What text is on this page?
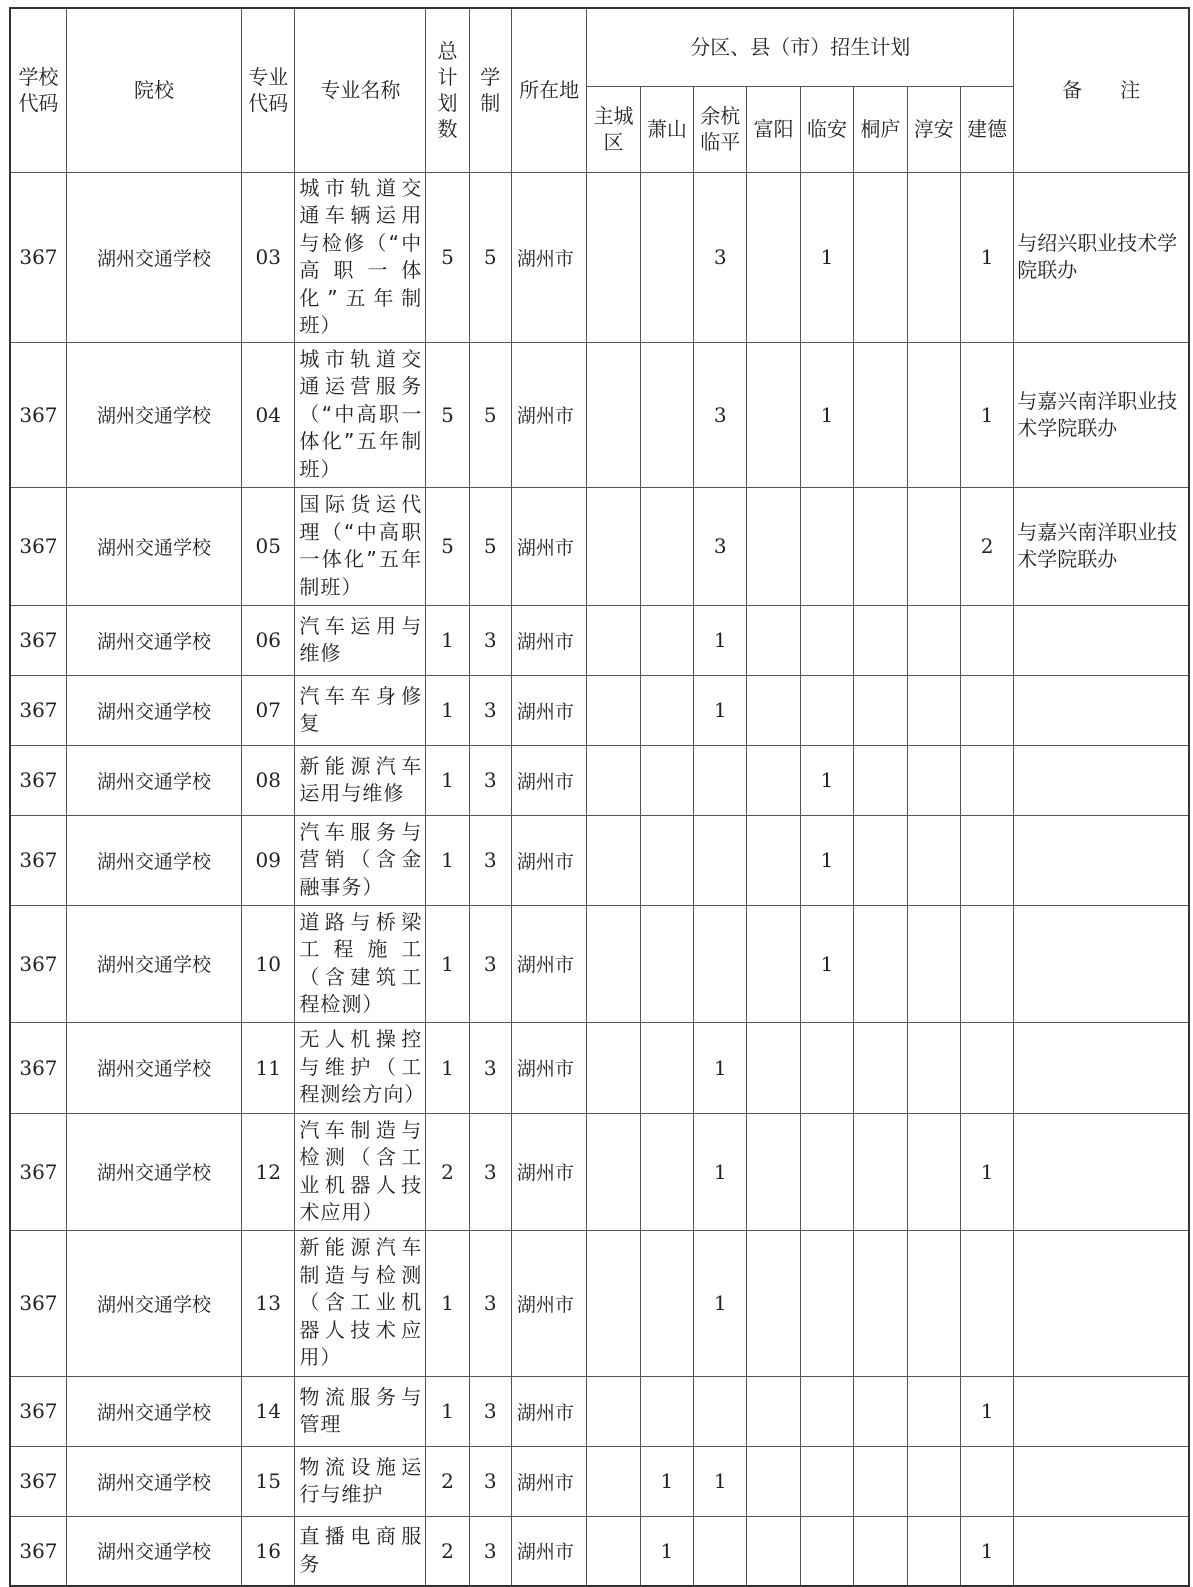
学校代码	院校	专业代码	专业名称	总计划数	学制	所在地	分区、县（市）招生计划								备注
							主城区	萧山	余杭临平	富阳	临安	桐庐	淳安	建德	
367	湖州交通学校	03	城市轨道交通车辆运用与检修（“中高职一体化”五年制班）	5	5	湖州市			3		1			1	与绍兴职业技术学院联办
367	湖州交通学校	04	城市轨道交通运营服务（“中高职一体化”五年制班）	5	5	湖州市			3		1			1	与嘉兴南洋职业技术学院联办
367	湖州交通学校	05	国际货运代理（“中高职一体化”五年制班）	5	5	湖州市			3					2	与嘉兴南洋职业技术学院联办
367	湖州交通学校	06	汽车运用与维修	1	3	湖州市			1						
367	湖州交通学校	07	汽车车身修复	1	3	湖州市			1						
367	湖州交通学校	08	新能源汽车运用与维修	1	3	湖州市					1				
367	湖州交通学校	09	汽车服务与营销（含金融事务）	1	3	湖州市					1				
367	湖州交通学校	10	道路与桥梁工程施工（含建筑工程检测）	1	3	湖州市					1				
367	湖州交通学校	11	无人机操控与维护（工程测绘方向）	1	3	湖州市			1						
367	湖州交通学校	12	汽车制造与检测（含工业机器人技术应用）	2	3	湖州市			1					1	
367	湖州交通学校	13	新能源汽车制造与检测（含工业机器人技术应用）	1	3	湖州市			1						
367	湖州交通学校	14	物流服务与管理	1	3	湖州市								1	
367	湖州交通学校	15	物流设施运行与维护	2	3	湖州市		1	1						
367	湖州交通学校	16	直播电商服务	2	3	湖州市		1						1	
